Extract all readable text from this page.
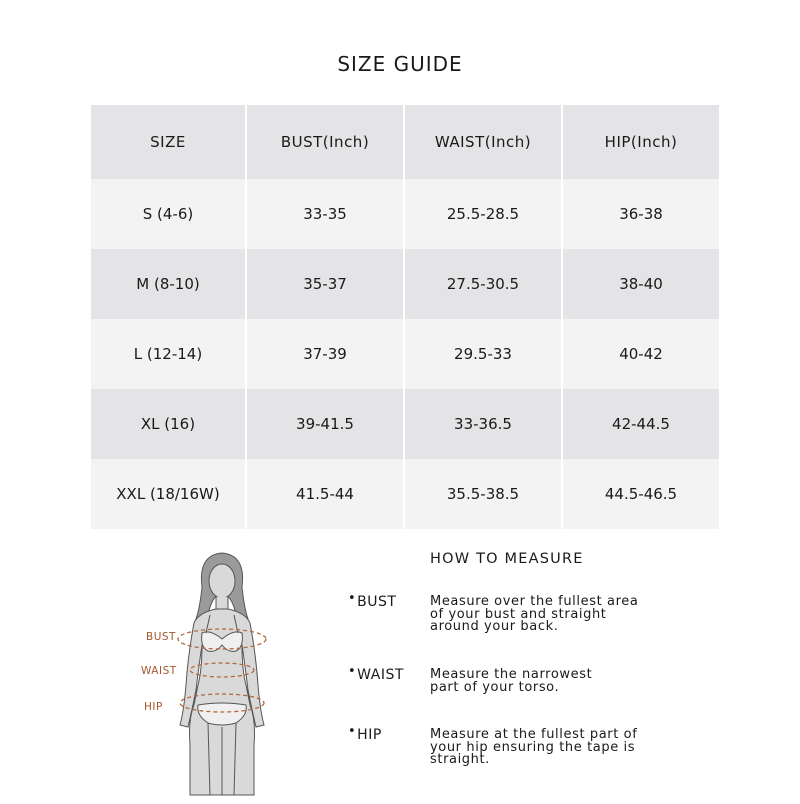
SIZE GUIDE
SIZE	BUST(Inch)	WAIST(Inch)	HIP(Inch)
S (4-6)	33-35	25.5-28.5	36-38
M (8-10)	35-37	27.5-30.5	38-40
L (12-14)	37-39	29.5-33	40-42
XL (16)	39-41.5	33-36.5	42-44.5
XXL (18/16W)	41.5-44	35.5-38.5	44.5-46.5
BUST
WAIST
HIP
HOW TO MEASURE
•BUST	Measure over the fullest area
of your bust and straight
around your back.
•WAIST Measure the narrowest
part of your torso.
•HIP	Measure at the fullest part of
your hip ensuring the tape is
straight.
